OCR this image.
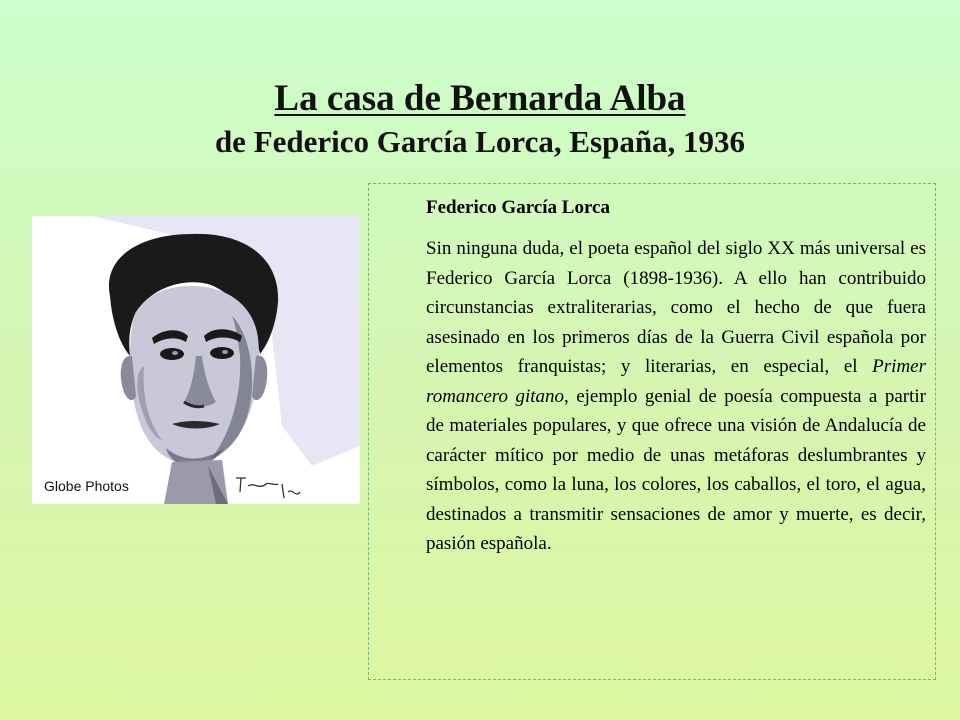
La casa de Bernarda Alba
de Federico García Lorca, España, 1936
Globe Photos

Federico García Lorca

Sin ninguna duda, el poeta español del siglo XX más universal es Federico García Lorca (1898-1936). A ello han contribuido circunstancias extraliterarias, como el hecho de que fuera asesinado en los primeros días de la Guerra Civil española por elementos franquistas; y literarias, en especial, el Primer romancero gitano, ejemplo genial de poesía compuesta a partir de materiales populares, y que ofrece una visión de Andalucía de carácter mítico por medio de unas metáforas deslumbrantes y símbolos, como la luna, los colores, los caballos, el toro, el agua, destinados a transmitir sensaciones de amor y muerte, es decir, pasión española.
